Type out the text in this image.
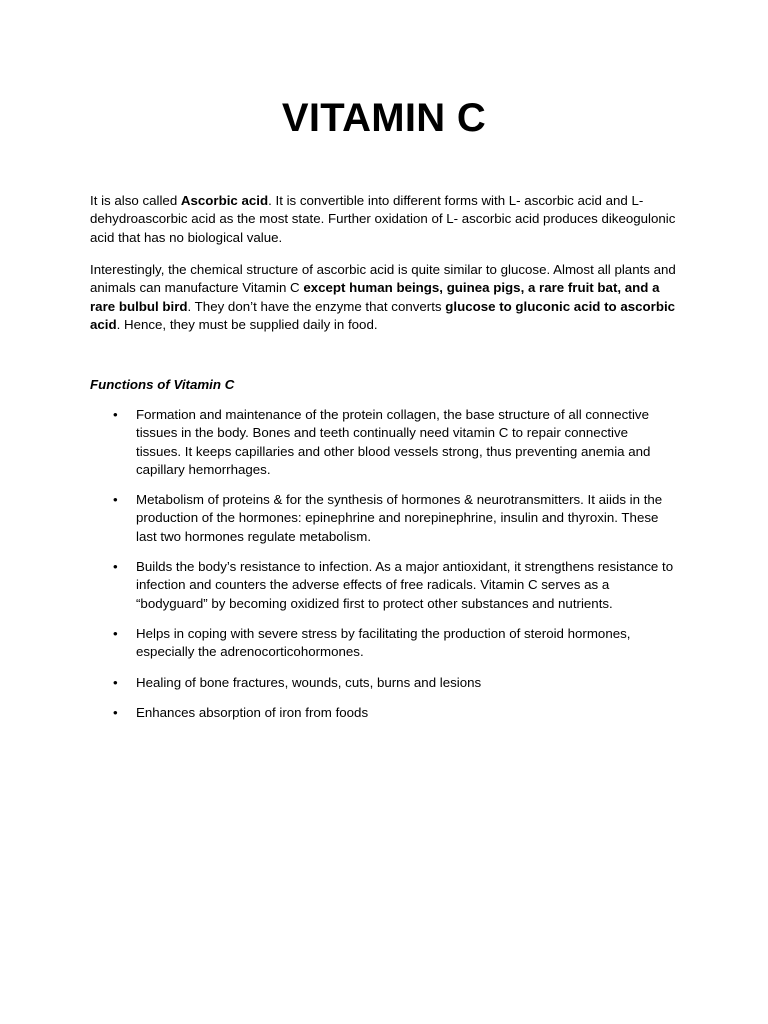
VITAMIN C

It is also called Ascorbic acid. It is convertible into different forms with L- ascorbic acid and L-dehydroascorbic acid as the most state. Further oxidation of L- ascorbic acid produces dikeogulonic acid that has no biological value.

Interestingly, the chemical structure of ascorbic acid is quite similar to glucose. Almost all plants and animals can manufacture Vitamin C except human beings, guinea pigs, a rare fruit bat, and a rare bulbul bird. They don’t have the enzyme that converts glucose to gluconic acid to ascorbic acid. Hence, they must be supplied daily in food.

Functions of Vitamin C

• Formation and maintenance of the protein collagen, the base structure of all connective tissues in the body. Bones and teeth continually need vitamin C to repair connective tissues. It keeps capillaries and other blood vessels strong, thus preventing anemia and capillary hemorrhages.
• Metabolism of proteins & for the synthesis of hormones & neurotransmitters. It aiids in the production of the hormones: epinephrine and norepinephrine, insulin and thyroxin. These last two hormones regulate metabolism.
• Builds the body’s resistance to infection. As a major antioxidant, it strengthens resistance to infection and counters the adverse effects of free radicals. Vitamin C serves as a “bodyguard” by becoming oxidized first to protect other substances and nutrients.
• Helps in coping with severe stress by facilitating the production of steroid hormones, especially the adrenocorticohormones.
• Healing of bone fractures, wounds, cuts, burns and lesions
• Enhances absorption of iron from foods
